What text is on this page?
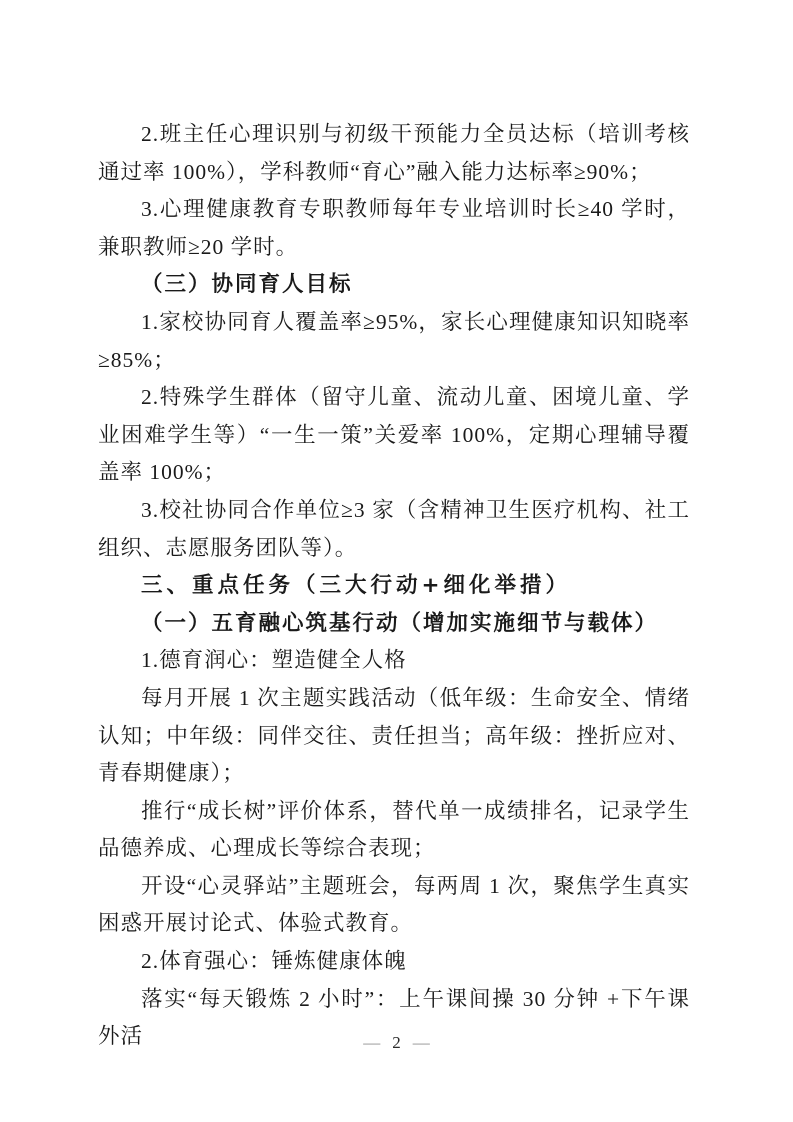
2.班主任心理识别与初级干预能力全员达标（培训考核通过率 100%），学科教师“育心”融入能力达标率≥90%；

3.心理健康教育专职教师每年专业培训时长≥40 学时，兼职教师≥20 学时。

（三）协同育人目标

1.家校协同育人覆盖率≥95%，家长心理健康知识知晓率≥85%；

2.特殊学生群体（留守儿童、流动儿童、困境儿童、学业困难学生等）“一生一策”关爱率 100%，定期心理辅导覆盖率 100%；

3.校社协同合作单位≥3 家（含精神卫生医疗机构、社工组织、志愿服务团队等）。

三、重点任务（三大行动+细化举措）

（一）五育融心筑基行动（增加实施细节与载体）

1.德育润心：塑造健全人格

每月开展 1 次主题实践活动（低年级：生命安全、情绪认知；中年级：同伴交往、责任担当；高年级：挫折应对、青春期健康）；

推行“成长树”评价体系，替代单一成绩排名，记录学生品德养成、心理成长等综合表现；

开设“心灵驿站”主题班会，每两周 1 次，聚焦学生真实困惑开展讨论式、体验式教育。

2.体育强心：锤炼健康体魄

落实“每天锻炼 2 小时”：上午课间操 30 分钟 +下午课外活	— 2 —
